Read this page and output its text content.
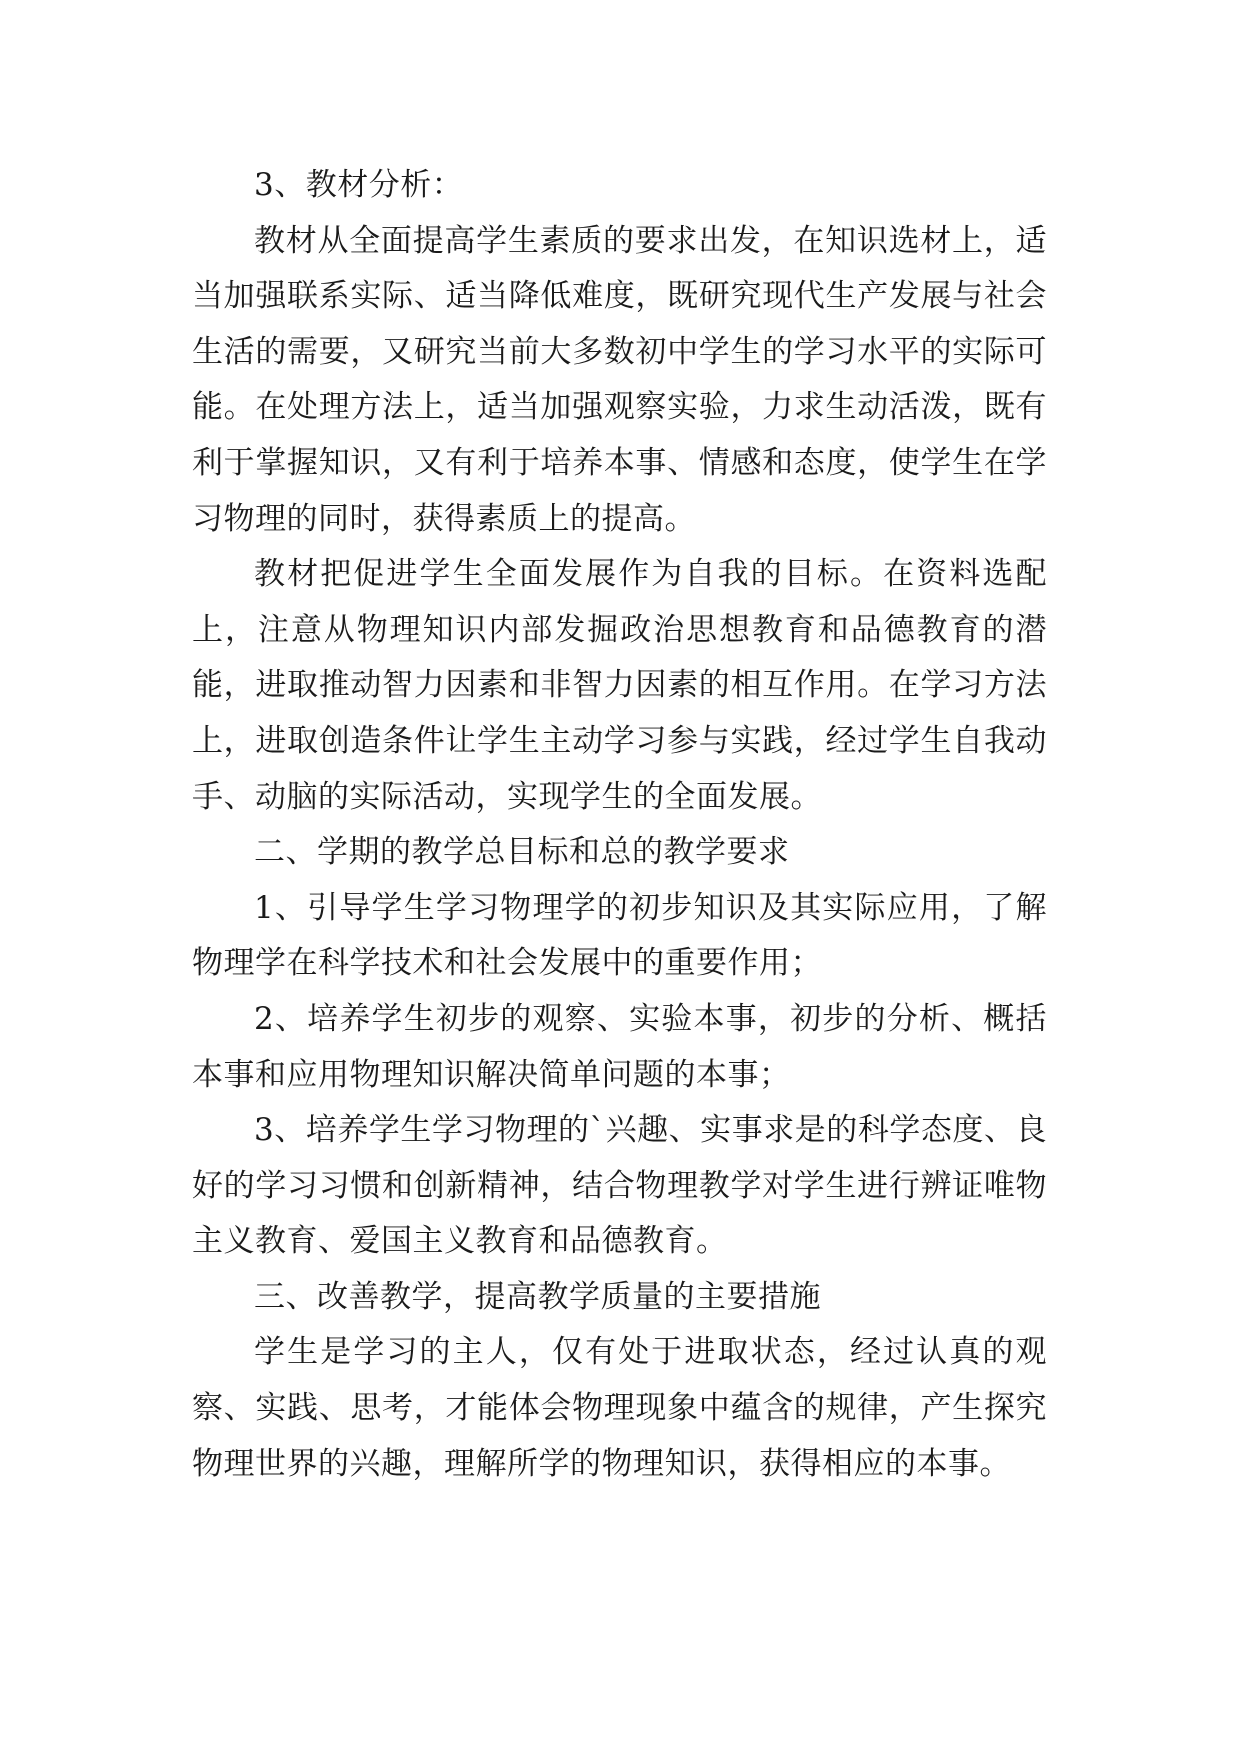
3、教材分析：

教材从全面提高学生素质的要求出发，在知识选材上，适当加强联系实际、适当降低难度，既研究现代生产发展与社会生活的需要，又研究当前大多数初中学生的学习水平的实际可能。在处理方法上，适当加强观察实验，力求生动活泼，既有利于掌握知识，又有利于培养本事、情感和态度，使学生在学习物理的同时，获得素质上的提高。

教材把促进学生全面发展作为自我的目标。在资料选配上，注意从物理知识内部发掘政治思想教育和品德教育的潜能，进取推动智力因素和非智力因素的相互作用。在学习方法上，进取创造条件让学生主动学习参与实践，经过学生自我动手、动脑的实际活动，实现学生的全面发展。

二、学期的教学总目标和总的教学要求

1、引导学生学习物理学的初步知识及其实际应用，了解物理学在科学技术和社会发展中的重要作用；

2、培养学生初步的观察、实验本事，初步的分析、概括本事和应用物理知识解决简单问题的本事；

3、培养学生学习物理的`兴趣、实事求是的科学态度、良好的学习习惯和创新精神，结合物理教学对学生进行辨证唯物主义教育、爱国主义教育和品德教育。

三、改善教学，提高教学质量的主要措施

学生是学习的主人，仅有处于进取状态，经过认真的观察、实践、思考，才能体会物理现象中蕴含的规律，产生探究物理世界的兴趣，理解所学的物理知识，获得相应的本事。
